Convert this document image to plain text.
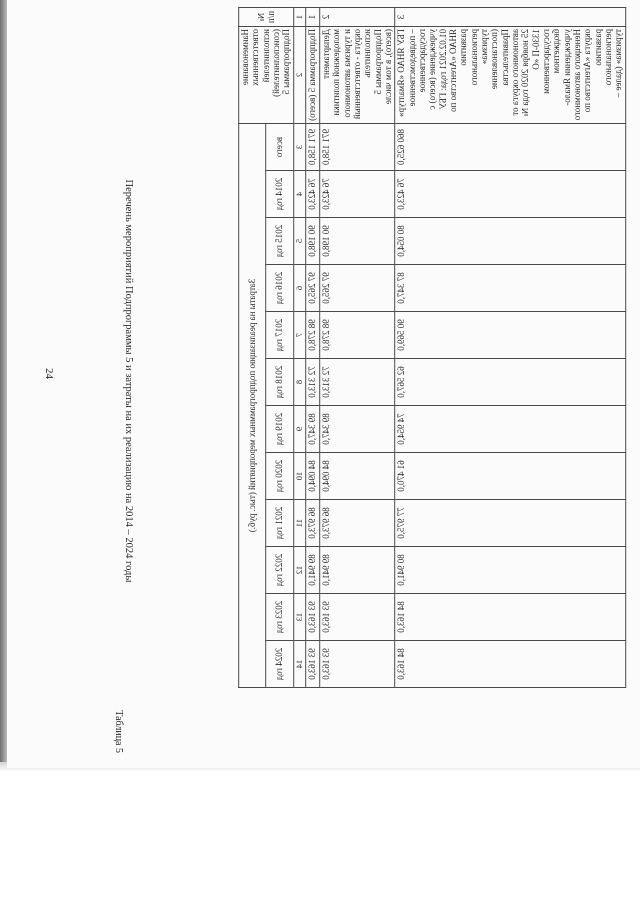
24
Таблица 5
Перечень мероприятий Подпрограммы 5 и затраты на их реализацию на 2014 – 2024 годы
№ п/п	Наименование ответственных исполнителей (соисполнителей) Подпрограммы 5	Затраты на реализацию подпрограммных мероприятий (тыс. руб.)											
		всего	2014 год	2015 год	2016 год	2017 год	2018 год	2019 год	2020 год	2021 год	2022 год	2023 год	2024 год
1	2	3	4	5	6	7	8	9	10	11	12	13	14
1	Подпрограмма 5 (всего)	971 158,0	76 423,0	90 198,0	97 265,0	98 278,0	72 313,0	89 347,0	84 094,0	86 973,0	89 941,0	93 163,0	93 163,0
2	Департамент молодежной политики и туризма автономного округа - ответственный исполнитель Подпрограммы 5 (всего), в том числе	971 158,0	76 423,0	90 198,0	97 265,0	98 278,0	72 313,0	89 347,0	84 094,0	86 973,0	89 941,0	93 163,0	93 163,0
3	ГБУ ЯНАО «Ямалтур» – подведомственное государственное учреждение (всего) с 01.02.2021 года: ГБУ ЯНАО «Агентство по развитию регионального туризма» (постановление Правительства автономного округа от 25 ноября 2020 года № 1330-П «О государственном бюджетном учреждении Ямало-Ненецкого автономного округа «Агентство по развитию регионального туризма» (далее –	860 625,0	76 423,0	80 054,0	87 347,0	90 569,0	62 567,0	74 954,0	61 470,0	77 975,0	80 941,0	84 163,0	84 163,0
